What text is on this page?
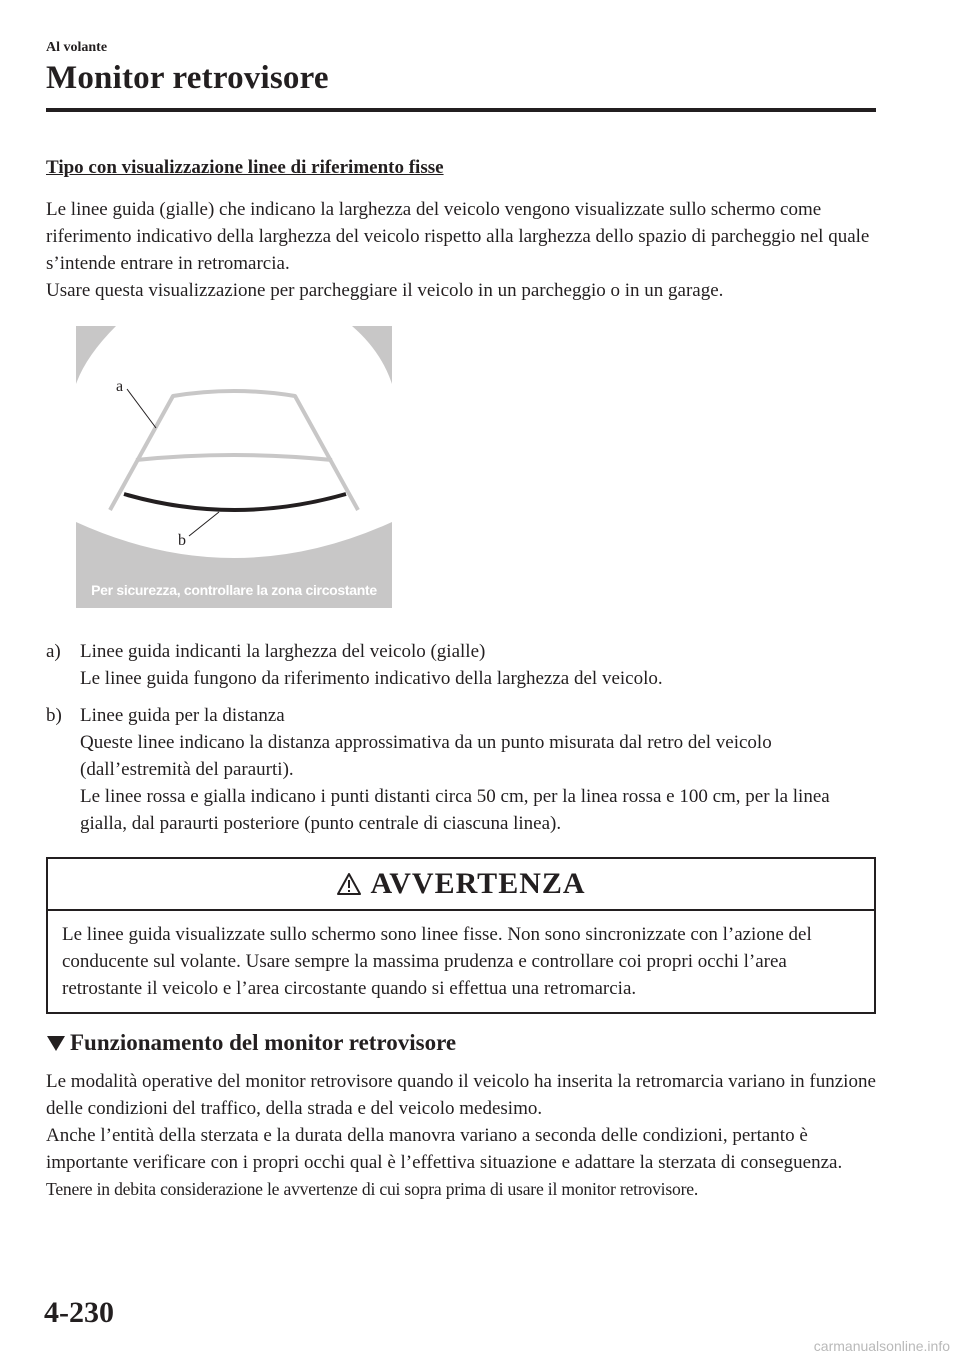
Al volante
Monitor retrovisore
Tipo con visualizzazione linee di riferimento fisse

Le linee guida (gialle) che indicano la larghezza del veicolo vengono visualizzate sullo schermo come riferimento indicativo della larghezza del veicolo rispetto alla larghezza dello spazio di parcheggio nel quale s’intende entrare in retromarcia.

Usare questa visualizzazione per parcheggiare il veicolo in un parcheggio o in un garage.

a
b
Per sicurezza, controllare la zona circostante
a) Linee guida indicanti la larghezza del veicolo (gialle)
Le linee guida fungono da riferimento indicativo della larghezza del veicolo.
b) Linee guida per la distanza
Queste linee indicano la distanza approssimativa da un punto misurata dal retro del veicolo (dall’estremità del paraurti).
Le linee rossa e gialla indicano i punti distanti circa 50 cm, per la linea rossa e 100 cm, per la linea gialla, dal paraurti posteriore (punto centrale di ciascuna linea).
AVVERTENZA
Le linee guida visualizzate sullo schermo sono linee fisse. Non sono sincronizzate con l’azione del conducente sul volante. Usare sempre la massima prudenza e controllare coi propri occhi l’area retrostante il veicolo e l’area circostante quando si effettua una retromarcia.
Funzionamento del monitor retrovisore

Le modalità operative del monitor retrovisore quando il veicolo ha inserita la retromarcia variano in funzione delle condizioni del traffico, della strada e del veicolo medesimo.

Anche l’entità della sterzata e la durata della manovra variano a seconda delle condizioni, pertanto è importante verificare con i propri occhi qual è l’effettiva situazione e adattare la sterzata di conseguenza.

Tenere in debita considerazione le avvertenze di cui sopra prima di usare il monitor retrovisore.

4-230
carmanualsonline.info
